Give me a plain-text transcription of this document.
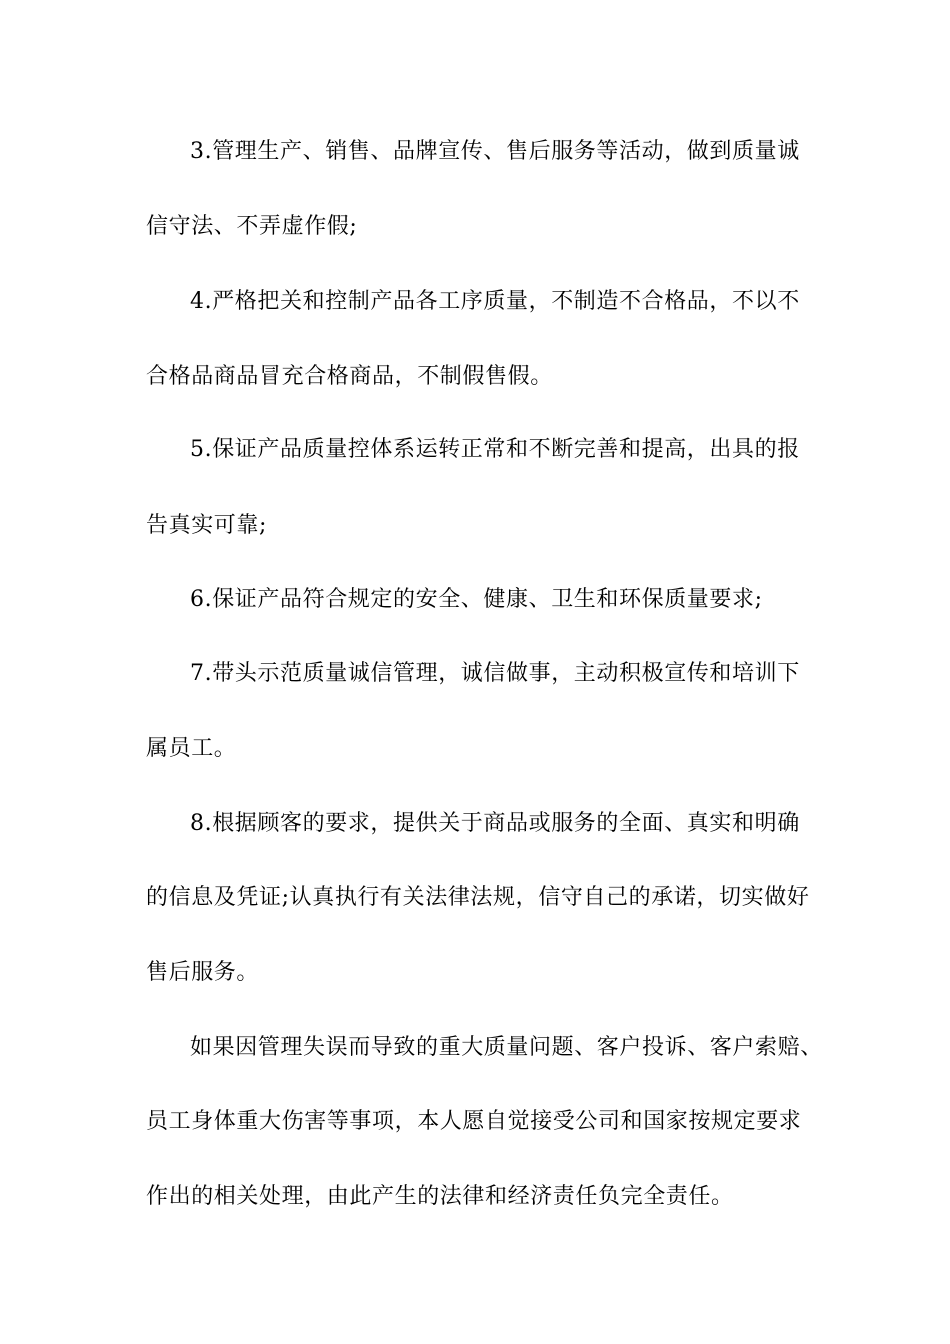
3.管理生产、销售、品牌宣传、售后服务等活动，做到质量诚
信守法、不弄虚作假;
4.严格把关和控制产品各工序质量，不制造不合格品，不以不
合格品商品冒充合格商品，不制假售假。
5.保证产品质量控体系运转正常和不断完善和提高，出具的报
告真实可靠;
6.保证产品符合规定的安全、健康、卫生和环保质量要求;
7.带头示范质量诚信管理，诚信做事，主动积极宣传和培训下
属员工。
8.根据顾客的要求，提供关于商品或服务的全面、真实和明确
的信息及凭证;认真执行有关法律法规，信守自己的承诺，切实做好
售后服务。
如果因管理失误而导致的重大质量问题、客户投诉、客户索赔、
员工身体重大伤害等事项，本人愿自觉接受公司和国家按规定要求
作出的相关处理，由此产生的法律和经济责任负完全责任。
